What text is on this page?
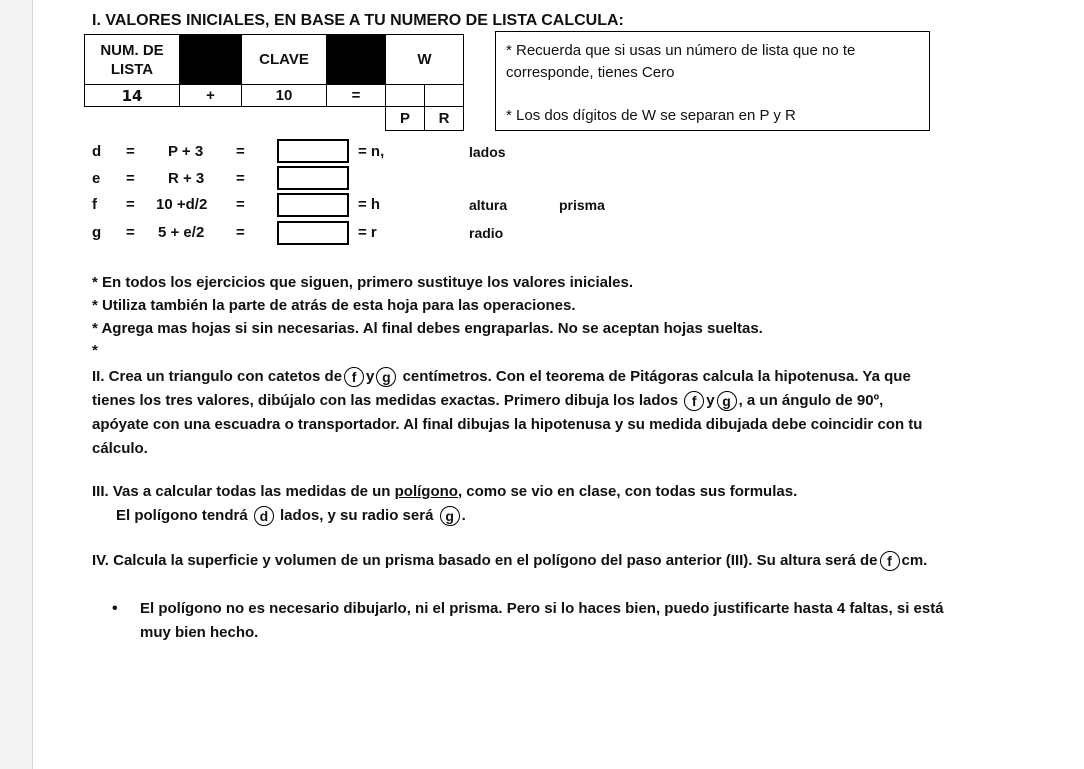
I. VALORES INICIALES, EN BASE A TU NUMERO DE LISTA CALCULA:
NUM. DE LISTA		CLAVE		W	
14	+	10	=		
				P	R
* Recuerda que si usas un número de lista que no te corresponde, tienes Cero
* Los dos dígitos de W se separan en P y R
d = P + 3 =	= n,	lados
e = R + 3 =
f = 10 +d/2 =	= h	altura	prisma
g = 5 + e/2 =	= r	radio
* En todos los ejercicios que siguen, primero sustituye los valores iniciales.
* Utiliza también la parte de atrás de esta hoja para las operaciones.
* Agrega mas hojas si sin necesarias. Al final debes engraparlas. No se aceptan hojas sueltas.
*
II. Crea un triangulo con catetos de f y g centímetros. Con el teorema de Pitágoras calcula la hipotenusa. Ya que
tienes los tres valores, dibújalo con las medidas exactas. Primero dibuja los lados f y g , a un ángulo de 90º,
apóyate con una escuadra o transportador. Al final dibujas la hipotenusa y su medida dibujada debe coincidir con tu
cálculo.
III. Vas a calcular todas las medidas de un polígono, como se vio en clase, con todas sus formulas.
El polígono tendrá d lados, y su radio será g .
IV. Calcula la superficie y volumen de un prisma basado en el polígono del paso anterior (III). Su altura será de f cm.
• El polígono no es necesario dibujarlo, ni el prisma. Pero si lo haces bien, puedo justificarte hasta 4 faltas, si está
muy bien hecho.
